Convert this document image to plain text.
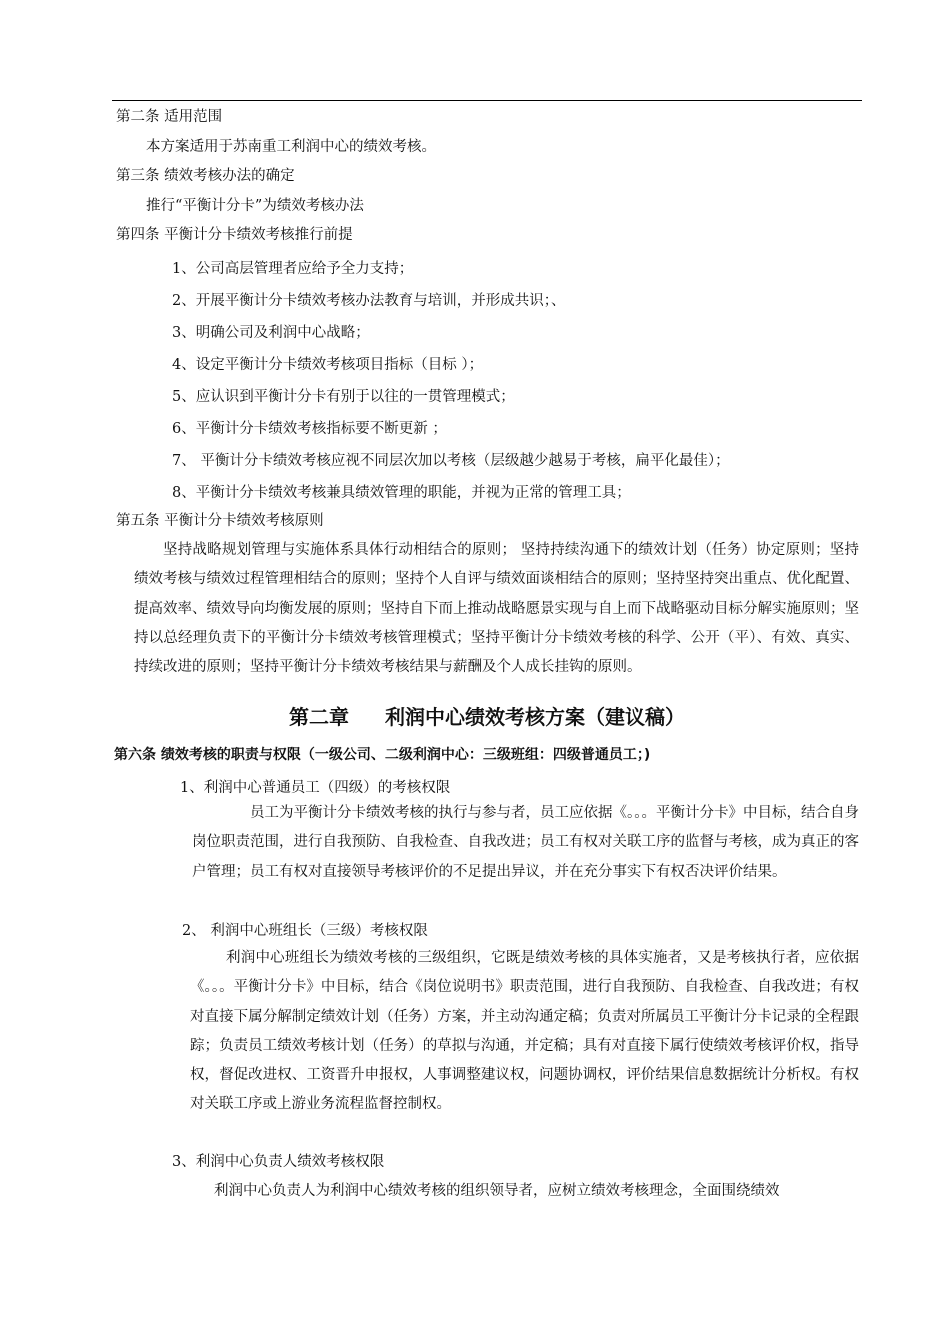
第二条 适用范围
本方案适用于苏南重工利润中心的绩效考核。
第三条 绩效考核办法的确定
推行“平衡计分卡”为绩效考核办法
第四条 平衡计分卡绩效考核推行前提
1、公司高层管理者应给予全力支持；
2、开展平衡计分卡绩效考核办法教育与培训，并形成共识；、
3、明确公司及利润中心战略；
4、设定平衡计分卡绩效考核项目指标（目标 ）；
5、应认识到平衡计分卡有别于以往的一贯管理模式；
6、平衡计分卡绩效考核指标要不断更新 ；
7、 平衡计分卡绩效考核应视不同层次加以考核（层级越少越易于考核，扁平化最佳）；
8、平衡计分卡绩效考核兼具绩效管理的职能，并视为正常的管理工具；
第五条 平衡计分卡绩效考核原则
坚持战略规划管理与实施体系具体行动相结合的原则； 坚持持续沟通下的绩效计划（任务）协定原则；坚持绩效考核与绩效过程管理相结合的原则；坚持个人自评与绩效面谈相结合的原则；坚持坚持突出重点、优化配置、提高效率、绩效导向均衡发展的原则；坚持自下而上推动战略愿景实现与自上而下战略驱动目标分解实施原则；坚持以总经理负责下的平衡计分卡绩效考核管理模式；坚持平衡计分卡绩效考核的科学、公开（平）、有效、真实、持续改进的原则；坚持平衡计分卡绩效考核结果与薪酬及个人成长挂钩的原则。
第二章 利润中心绩效考核方案（建议稿）
第六条 绩效考核的职责与权限（一级公司、二级利润中心：三级班组：四级普通员工；)
1、利润中心普通员工（四级）的考核权限
员工为平衡计分卡绩效考核的执行与参与者，员工应依据《。。。平衡计分卡》中目标，结合自身岗位职责范围，进行自我预防、自我检查、自我改进；员工有权对关联工序的监督与考核，成为真正的客户管理；员工有权对直接领导考核评价的不足提出异议，并在充分事实下有权否决评价结果。
2、 利润中心班组长（三级）考核权限
利润中心班组长为绩效考核的三级组织，它既是绩效考核的具体实施者，又是考核执行者，应依据《。。。平衡计分卡》中目标，结合《岗位说明书》职责范围，进行自我预防、自我检查、自我改进；有权对直接下属分解制定绩效计划（任务）方案，并主动沟通定稿；负责对所属员工平衡计分卡记录的全程跟踪；负责员工绩效考核计划（任务）的草拟与沟通，并定稿；具有对直接下属行使绩效考核评价权，指导权，督促改进权、工资晋升申报权，人事调整建议权，问题协调权，评价结果信息数据统计分析权。有权对关联工序或上游业务流程监督控制权。
3、利润中心负责人绩效考核权限
利润中心负责人为利润中心绩效考核的组织领导者，应树立绩效考核理念，全面围绕绩效
